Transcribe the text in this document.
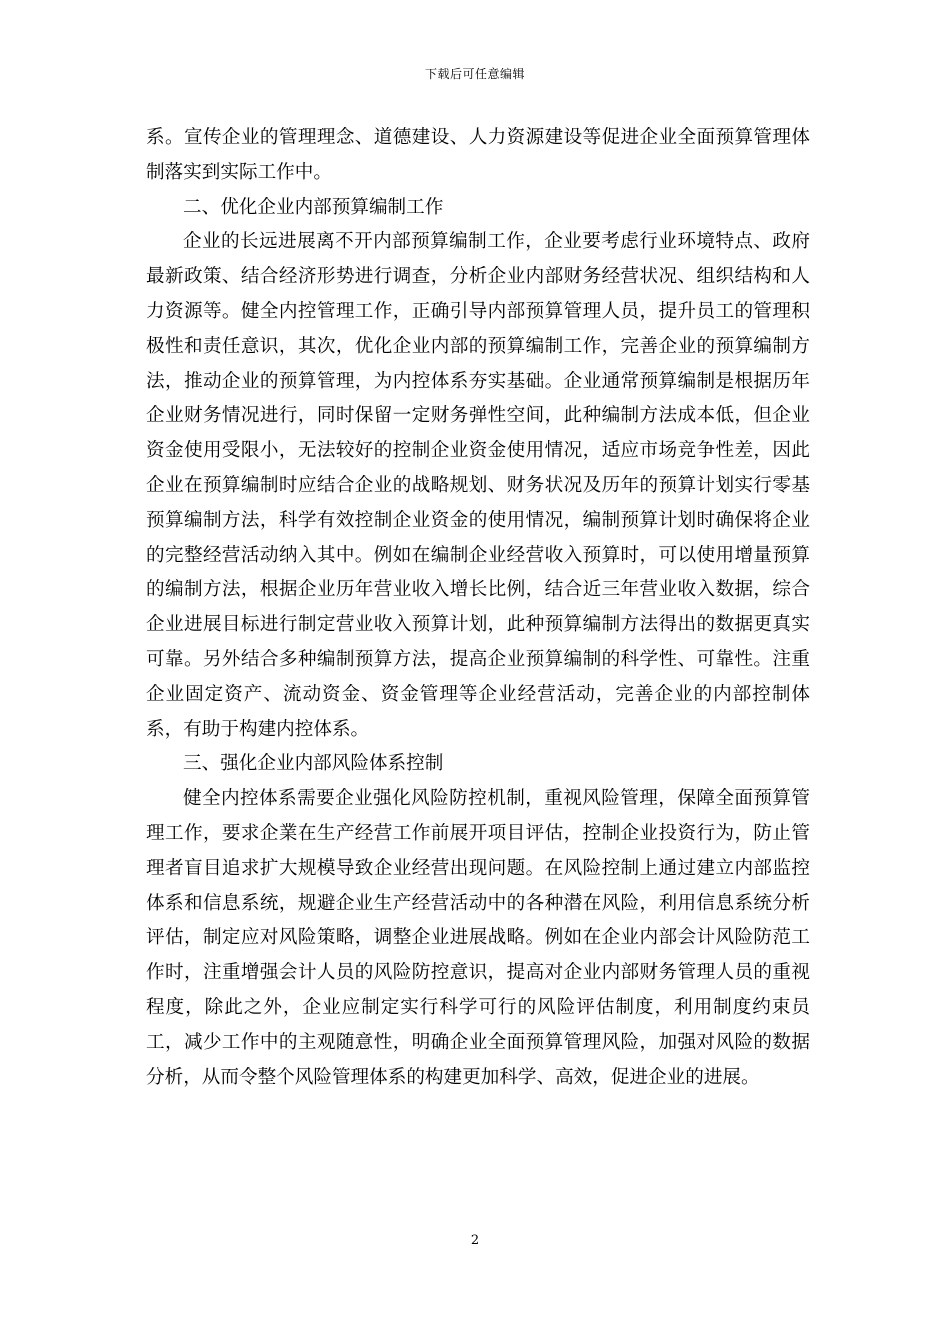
下载后可任意编辑

系。宣传企业的管理理念、道德建设、人力资源建设等促进企业全面预算管理体制落实到实际工作中。

二、优化企业内部预算编制工作

企业的长远进展离不开内部预算编制工作，企业要考虑行业环境特点、政府最新政策、结合经济形势进行调查，分析企业内部财务经营状况、组织结构和人力资源等。健全内控管理工作，正确引导内部预算管理人员，提升员工的管理积极性和责任意识，其次，优化企业内部的预算编制工作，完善企业的预算编制方法，推动企业的预算管理，为内控体系夯实基础。企业通常预算编制是根据历年企业财务情况进行，同时保留一定财务弹性空间，此种编制方法成本低，但企业资金使用受限小，无法较好的控制企业资金使用情况，适应市场竞争性差，因此企业在预算编制时应结合企业的战略规划、财务状况及历年的预算计划实行零基预算编制方法，科学有效控制企业资金的使用情况，编制预算计划时确保将企业的完整经营活动纳入其中。例如在编制企业经营收入预算时，可以使用增量预算的编制方法，根据企业历年营业收入增长比例，结合近三年营业收入数据，综合企业进展目标进行制定营业收入预算计划，此种预算编制方法得出的数据更真实可靠。另外结合多种编制预算方法，提高企业预算编制的科学性、可靠性。注重企业固定资产、流动资金、资金管理等企业经营活动，完善企业的内部控制体系，有助于构建内控体系。

三、强化企业内部风险体系控制

健全内控体系需要企业强化风险防控机制，重视风险管理，保障全面预算管理工作，要求企業在生产经营工作前展开项目评估，控制企业投资行为，防止管理者盲目追求扩大规模导致企业经营出现问题。在风险控制上通过建立内部监控体系和信息系统，规避企业生产经营活动中的各种潜在风险，利用信息系统分析评估，制定应对风险策略，调整企业进展战略。例如在企业内部会计风险防范工作时，注重增强会计人员的风险防控意识，提高对企业内部财务管理人员的重视程度，除此之外，企业应制定实行科学可行的风险评估制度，利用制度约束员工，减少工作中的主观随意性，明确企业全面预算管理风险，加强对风险的数据分析，从而令整个风险管理体系的构建更加科学、高效，促进企业的进展。

2
